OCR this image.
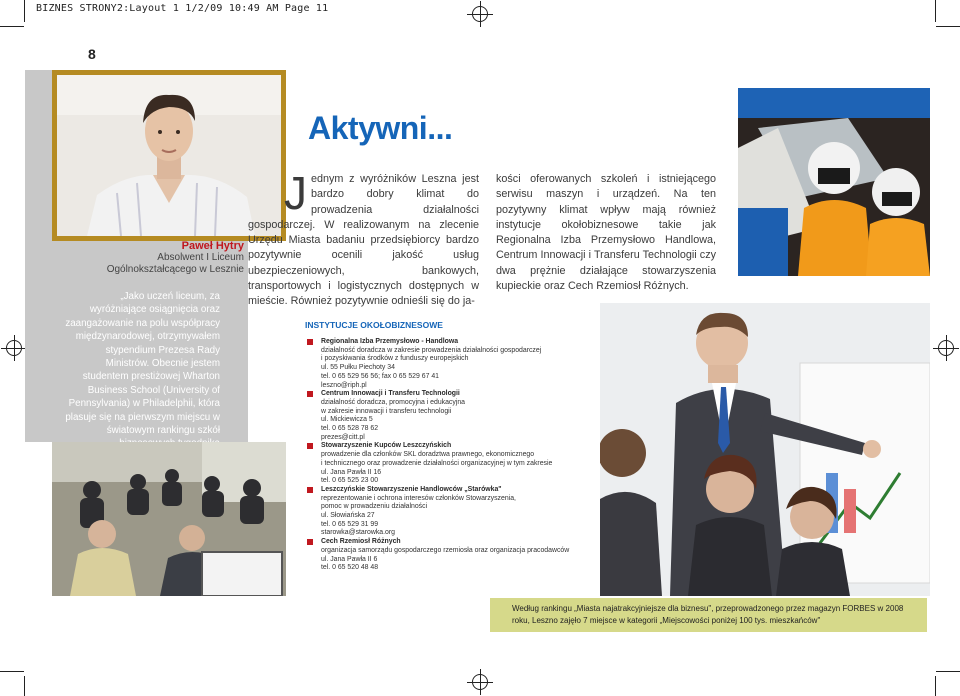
BIZNES STRONY2:Layout 1 1/2/09 10:49 AM Page 11
8
Paweł Hytry
Absolwent I Liceum
Ogólnokształcącego w Lesznie
„Jako uczeń liceum, za wyróżniające osiągnięcia oraz zaangażowanie na polu współpracy międzynarodowej, otrzymywałem stypendium Prezesa Rady Ministrów. Obecnie jestem studentem prestiżowej Wharton Business School (University of Pennsylvania) w Philadelphii, która plasuje się na pierwszym miejscu w światowym rankingu szkół
Aktywni...
Jednym z wyróżników Leszna jest bardzo dobry klimat do prowadzenia działalności gospodarczej. W realizowanym na zlecenie Urzędu Miasta badaniu przedsiębiorcy bardzo pozytywnie ocenili jakość usług ubezpieczeniowych, bankowych, transportowych i logistycznych dostępnych w mieście. Również pozytywnie odnieśli się do ja-
kości oferowanych szkoleń i istniejącego serwisu maszyn i urządzeń. Na ten pozytywny klimat wpływ mają również instytucje okołobiznesowe takie jak Regionalna Izba Przemysłowo Handlowa, Centrum Innowacji i Transferu Technologii czy dwa prężnie działające stowarzyszenia kupieckie oraz Cech Rzemiosł Różnych.
INSTYTUCJE OKOŁOBIZNESOWE
Regionalna Izba Przemysłowo - Handlowa
działalność doradcza w zakresie prowadzenia działalności gospodarczej
i pozyskiwania środków z funduszy europejskich
ul. 55 Pułku Piechoty 34
tel. 0 65 529 56 56; fax 0 65 529 67 41
leszno@riph.pl
Centrum Innowacji i Transferu Technologii
działalność doradcza, promocyjna i edukacyjna
w zakresie innowacji i transferu technologii
ul. Mickiewicza 5
tel. 0 65 528 78 62
prezes@citt.pl
Stowarzyszenie Kupców Leszczyńskich
prowadzenie dla członków SKL doradztwa prawnego, ekonomicznego
i technicznego oraz prowadzenie działalności organizacyjnej w tym zakresie
ul. Jana Pawła II 16
tel. 0 65 525 23 00
Leszczyńskie Stowarzyszenie Handlowców „Starówka"
reprezentowanie i ochrona interesów członków Stowarzyszenia,
pomoc w prowadzeniu działalności
ul. Słowiańska 27
tel. 0 65 529 31 99
starowka@starowka.org
Cech Rzemiosł Różnych
organizacja samorządu gospodarczego rzemiosła oraz organizacja pracodawców
ul. Jana Pawła II 6
tel. 0 65 520 48 48
Według rankingu „Miasta najatrakcyjniejsze dla biznesu", przeprowadzonego przez magazyn FORBES w 2008 roku, Leszno zajęło 7 miejsce w kategorii „Miejscowości poniżej 100 tys. mieszkańców"
